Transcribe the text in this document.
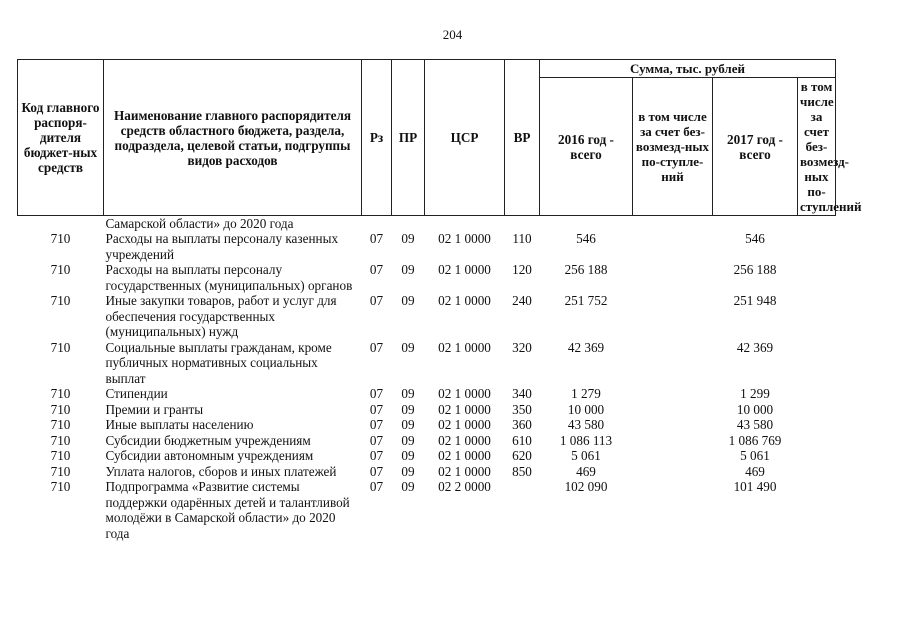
204
Код главного распоря-дителя бюджет-ных средств	Наименование главного распорядителя средств областного бюджета, раздела, подраздела, целевой статьи, подгруппы видов расходов	Рз	ПР	ЦСР	ВР	Сумма, тыс. рублей			
						2016 год - всего	в том числе за счет без-возмезд-ных по-ступле-ний	2017 год - всего	в том числе за счет без-возмезд-ных по-ступлений
	Самарской области» до 2020 года								
710	Расходы на выплаты персоналу казенных учреждений	07	09	02 1 0000	110	546		546	
710	Расходы на выплаты персоналу государственных (муниципальных) органов	07	09	02 1 0000	120	256 188		256 188	
710	Иные закупки товаров, работ и услуг для обеспечения государственных (муниципальных) нужд	07	09	02 1 0000	240	251 752		251 948	
710	Социальные выплаты гражданам, кроме публичных нормативных социальных выплат	07	09	02 1 0000	320	42 369		42 369	
710	Стипендии	07	09	02 1 0000	340	1 279		1 299	
710	Премии и гранты	07	09	02 1 0000	350	10 000		10 000	
710	Иные выплаты населению	07	09	02 1 0000	360	43 580		43 580	
710	Субсидии бюджетным учреждениям	07	09	02 1 0000	610	1 086 113		1 086 769	
710	Субсидии автономным учреждениям	07	09	02 1 0000	620	5 061		5 061	
710	Уплата налогов, сборов и иных платежей	07	09	02 1 0000	850	469		469	
710	Подпрограмма «Развитие системы поддержки одарённых детей и талантливой молодёжи в Самарской области» до 2020 года	07	09	02 2 0000		102 090		101 490	
